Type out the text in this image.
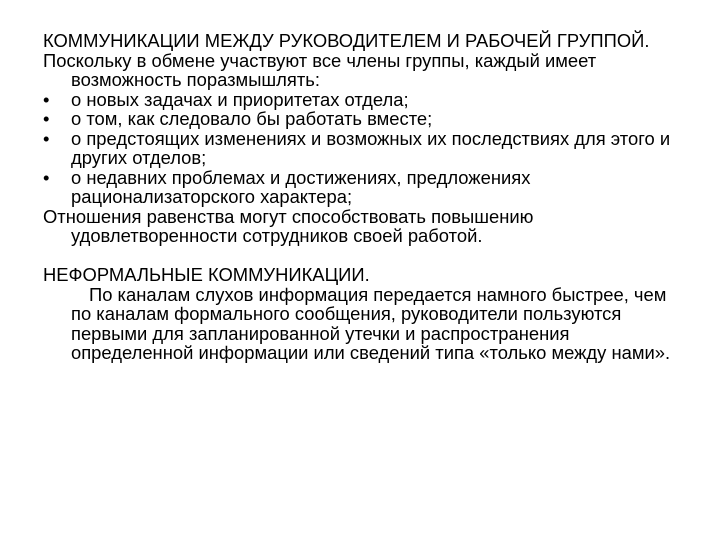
КОММУНИКАЦИИ МЕЖДУ РУКОВОДИТЕЛЕМ И РАБОЧЕЙ ГРУППОЙ.

Поскольку в обмене участвуют все члены группы, каждый имеет возможность поразмышлять:

•	о новых задачах и приоритетах отдела;
•	о том, как следовало бы работать вместе;
•	о предстоящих изменениях и возможных их последствиях для этого и других отделов;
•	о недавних проблемах и достижениях, предложениях рационализаторского характера;

Отношения равенства могут способствовать повышению удовлетворенности сотрудников своей работой.

НЕФОРМАЛЬНЫЕ КОММУНИКАЦИИ.

По каналам слухов информация передается намного быстрее, чем по каналам формального сообщения, руководители пользуются первыми для запланированной утечки и распространения определенной информации или сведений типа «только между нами».
